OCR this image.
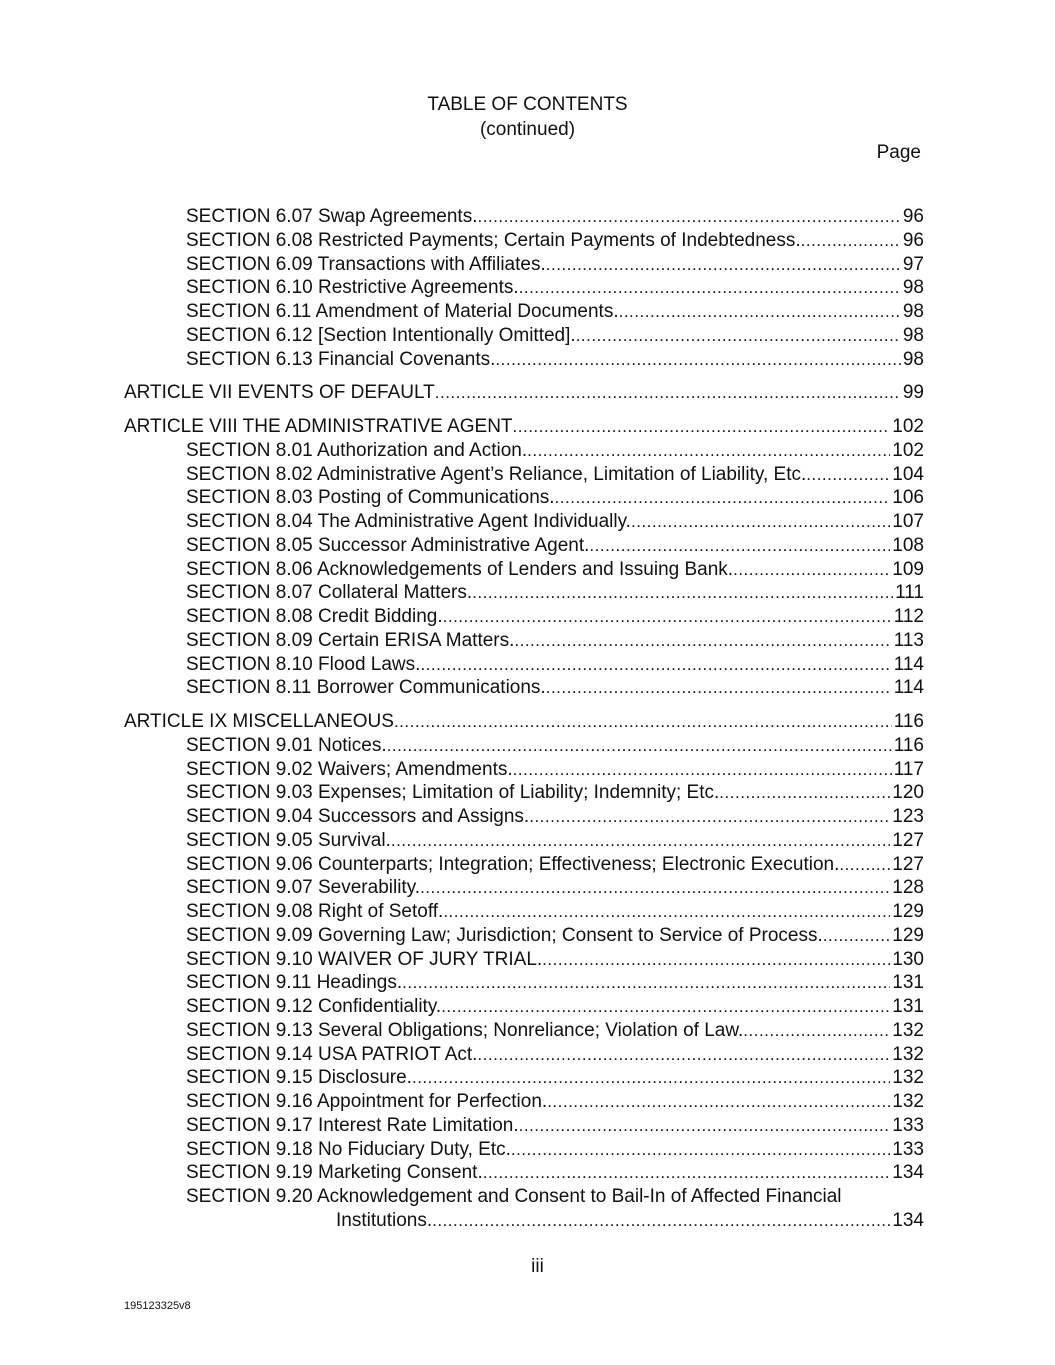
TABLE OF CONTENTS
(continued)
Page
SECTION 6.07 Swap Agreements. .....	96
SECTION 6.08 Restricted Payments; Certain Payments of Indebtedness. .....	96
SECTION 6.09 Transactions with Affiliates. .....	97
SECTION 6.10 Restrictive Agreements. .....	98
SECTION 6.11 Amendment of Material Documents. .....	98
SECTION 6.12 [Section Intentionally Omitted]. .....	98
SECTION 6.13 Financial Covenants. .....	98
ARTICLE VII EVENTS OF DEFAULT .....	99
ARTICLE VIII THE ADMINISTRATIVE AGENT .....	102
SECTION 8.01 Authorization and Action. .....	102
SECTION 8.02 Administrative Agent’s Reliance, Limitation of Liability, Etc. .....	104
SECTION 8.03 Posting of Communications. .....	106
SECTION 8.04 The Administrative Agent Individually. .....	107
SECTION 8.05 Successor Administrative Agent. .....	108
SECTION 8.06 Acknowledgements of Lenders and Issuing Bank. .....	109
SECTION 8.07 Collateral Matters. .....	111
SECTION 8.08 Credit Bidding. .....	112
SECTION 8.09 Certain ERISA Matters. .....	113
SECTION 8.10 Flood Laws. .....	114
SECTION 8.11 Borrower Communications. .....	114
ARTICLE IX MISCELLANEOUS .....	116
SECTION 9.01 Notices. .....	116
SECTION 9.02 Waivers; Amendments. .....	117
SECTION 9.03 Expenses; Limitation of Liability; Indemnity; Etc. .....	120
SECTION 9.04 Successors and Assigns. .....	123
SECTION 9.05 Survival. .....	127
SECTION 9.06 Counterparts; Integration; Effectiveness; Electronic Execution. .....	127
SECTION 9.07 Severability. .....	128
SECTION 9.08 Right of Setoff. .....	129
SECTION 9.09 Governing Law; Jurisdiction; Consent to Service of Process. .....	129
SECTION 9.10 WAIVER OF JURY TRIAL. .....	130
SECTION 9.11 Headings. .....	131
SECTION 9.12 Confidentiality. .....	131
SECTION 9.13 Several Obligations; Nonreliance; Violation of Law. .....	132
SECTION 9.14 USA PATRIOT Act. .....	132
SECTION 9.15 Disclosure. .....	132
SECTION 9.16 Appointment for Perfection. .....	132
SECTION 9.17 Interest Rate Limitation. .....	133
SECTION 9.18 No Fiduciary Duty, Etc. .....	133
SECTION 9.19 Marketing Consent. .....	134
SECTION 9.20 Acknowledgement and Consent to Bail-In of Affected Financial
Institutions. .....	134
iii
195123325v8
